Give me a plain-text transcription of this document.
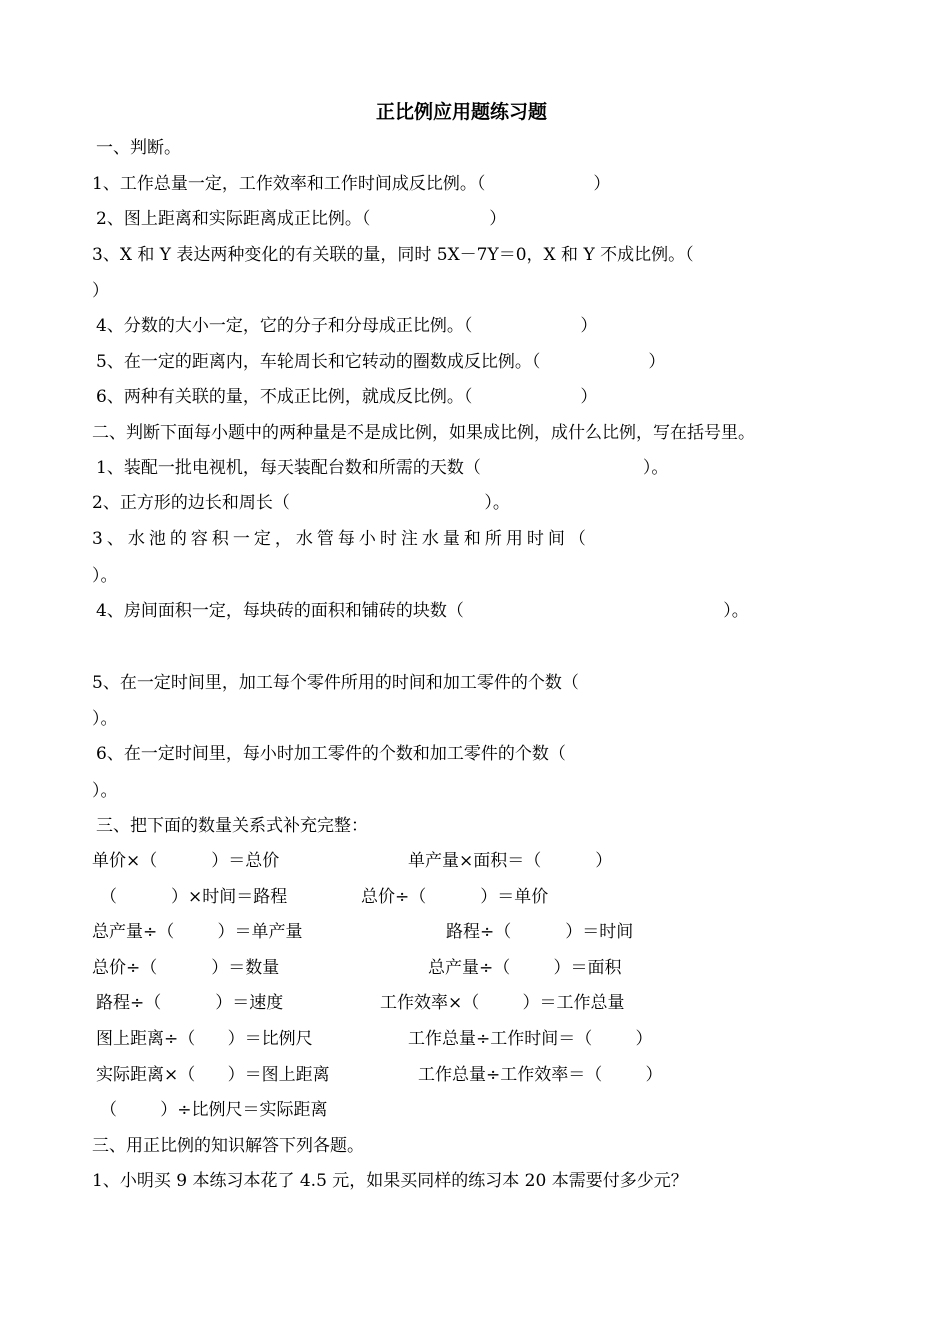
正比例应用题练习题
一、判断。
1、工作总量一定，工作效率和工作时间成反比例。（                    ）
2、图上距离和实际距离成正比例。（                      ）
3、X 和 Y 表达两种变化的有关联的量，同时 5X－7Y＝0，X 和 Y 不成比例。（
）
4、分数的大小一定，它的分子和分母成正比例。（                    ）
5、在一定的距离内，车轮周长和它转动的圈数成反比例。（                    ）
6、两种有关联的量，不成正比例，就成反比例。（                    ）
二、判断下面每小题中的两种量是不是成比例，如果成比例，成什么比例，写在括号里。
1、装配一批电视机，每天装配台数和所需的天数（                              ）。
2、正方形的边长和周长（                                    ）。
3、水池的容积一定，水管每小时注水量和所用时间（
）。
4、房间面积一定，每块砖的面积和铺砖的块数（                                                ）。
5、在一定时间里，加工每个零件所用的时间和加工零件的个数（
）。
6、在一定时间里，每小时加工零件的个数和加工零件的个数（
）。
三、把下面的数量关系式补充完整：
单价×（          ）＝总价	单产量×面积＝（          ）
（          ）×时间＝路程	总价÷（          ）＝单价
总产量÷（        ）＝单产量	路程÷（          ）＝时间
总价÷（          ）＝数量	总产量÷（        ）＝面积
路程÷（          ）＝速度	工作效率×（        ）＝工作总量
图上距离÷（      ）＝比例尺	工作总量÷工作时间＝（        ）
实际距离×（      ）＝图上距离	工作总量÷工作效率＝（        ）
（        ）÷比例尺＝实际距离
三、用正比例的知识解答下列各题。
1、小明买 9 本练习本花了 4.5 元，如果买同样的练习本 20 本需要付多少元？
